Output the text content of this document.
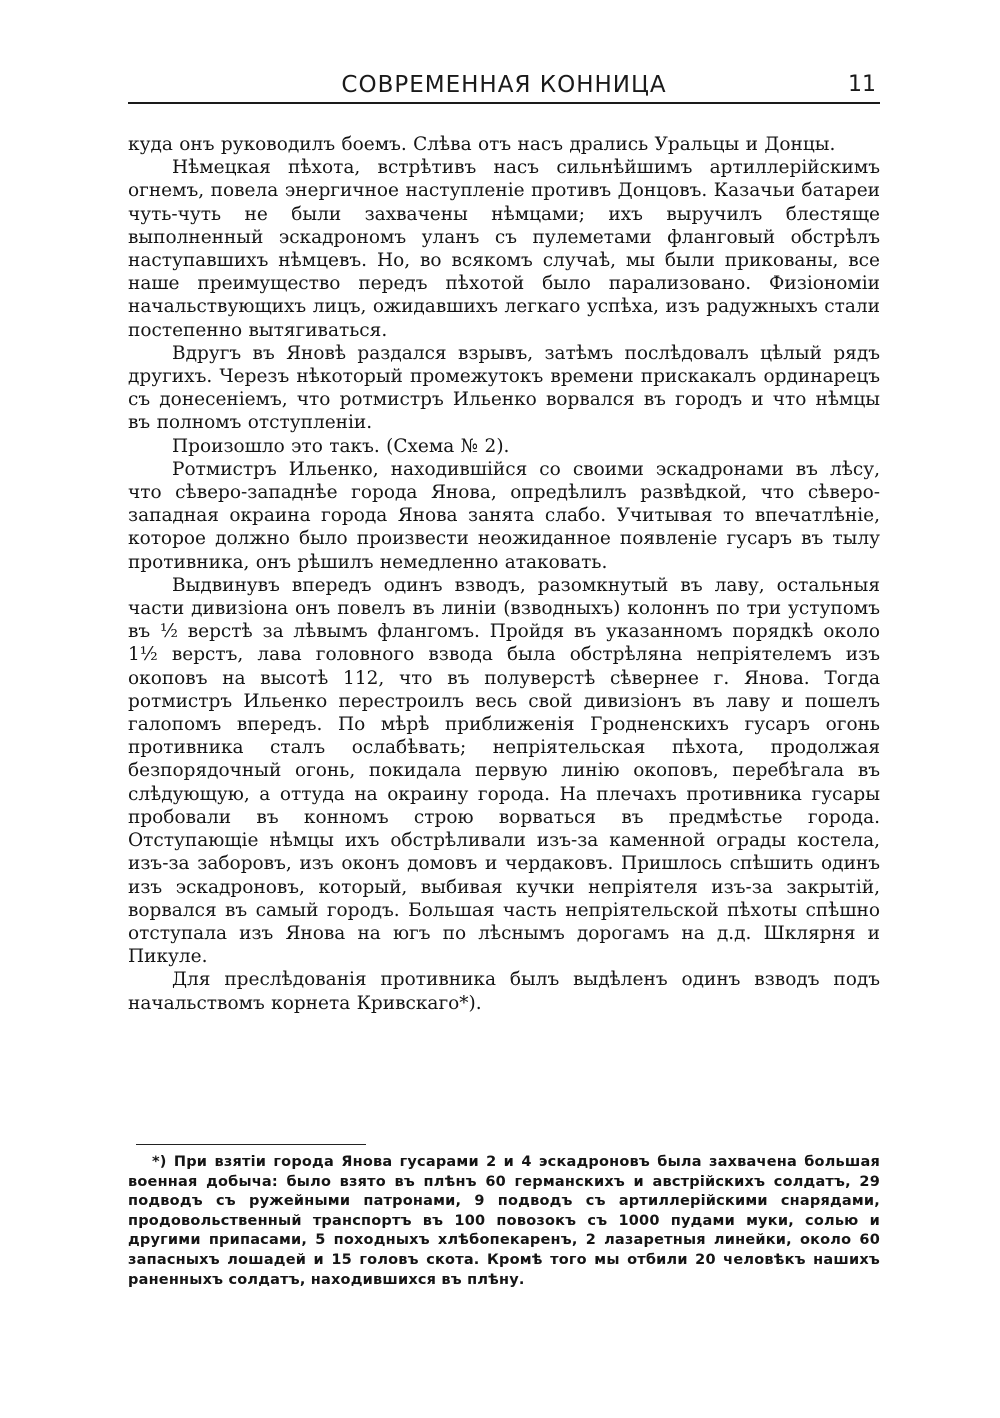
СОВРЕМЕННАЯ КОННИЦА	11

куда онъ руководилъ боемъ. Слѣва отъ насъ дрались Уральцы и Донцы.

Нѣмецкая пѣхота, встрѣтивъ насъ сильнѣйшимъ артиллерійскимъ огнемъ, повела энергичное наступленіе противъ Донцовъ. Казачьи батареи чуть-чуть не были захвачены нѣмцами; ихъ выручилъ блестяще выполненный эскадрономъ уланъ съ пулеметами фланговый обстрѣлъ наступавшихъ нѣмцевъ. Но, во всякомъ случаѣ, мы были прикованы, все наше преимущество передъ пѣхотой было парализовано. Физіономіи начальствующихъ лицъ, ожидавшихъ легкаго успѣха, изъ радужныхъ стали постепенно вытягиваться.

Вдругъ въ Яновѣ раздался взрывъ, затѣмъ послѣдовалъ цѣлый рядъ другихъ. Черезъ нѣкоторый промежутокъ времени прискакалъ ординарецъ съ донесеніемъ, что ротмистръ Ильенко ворвался въ городъ и что нѣмцы въ полномъ отступленіи.

Произошло это такъ. (Схема № 2).

Ротмистръ Ильенко, находившійся со своими эскадронами въ лѣсу, что сѣверо-западнѣе города Янова, опредѣлилъ развѣдкой, что сѣверо-западная окраина города Янова занята слабо. Учитывая то впечатлѣніе, которое должно было произвести неожиданное появленіе гусаръ въ тылу противника, онъ рѣшилъ немедленно атаковать.

Выдвинувъ впередъ одинъ взводъ, разомкнутый въ лаву, остальныя части дивизіона онъ повелъ въ линіи (взводныхъ) колоннъ по три уступомъ въ ½ верстѣ за лѣвымъ флангомъ. Пройдя въ указанномъ порядкѣ около 1½ верстъ, лава головного взвода была обстрѣляна непріятелемъ изъ окоповъ на высотѣ 112, что въ полуверстѣ сѣвернее г. Янова. Тогда ротмистръ Ильенко перестроилъ весь свой дивизіонъ въ лаву и пошелъ галопомъ впередъ. По мѣрѣ приближенія Гродненскихъ гусаръ огонь противника сталъ ослабѣвать; непріятельская пѣхота, продолжая безпорядочный огонь, покидала первую линію окоповъ, перебѣгала въ слѣдующую, а оттуда на окраину города. На плечахъ противника гусары пробовали въ конномъ строю ворваться въ предмѣстье города. Отступающіе нѣмцы ихъ обстрѣливали изъ-за каменной ограды костела, изъ-за заборовъ, изъ оконъ домовъ и чердаковъ. Пришлось спѣшить одинъ изъ эскадроновъ, который, выбивая кучки непріятеля изъ-за закрытій, ворвался въ самый городъ. Большая часть непріятельской пѣхоты спѣшно отступала изъ Янова на югъ по лѣснымъ дорогамъ на д.д. Шклярня и Пикуле.

Для преслѣдованія противника былъ выдѣленъ одинъ взводъ подъ начальствомъ корнета Кривскаго*).

*) При взятіи города Янова гусарами 2 и 4 эскадроновъ была захвачена большая военная добыча: было взято въ плѣнъ 60 германскихъ и австрійскихъ солдатъ, 29 подводъ съ ружейными патронами, 9 подводъ съ артиллерійскими снарядами, продовольственный транспортъ въ 100 повозокъ съ 1000 пудами муки, солью и другими припасами, 5 походныхъ хлѣбопекаренъ, 2 лазаретныя линейки, около 60 запасныхъ лошадей и 15 головъ скота. Кромѣ того мы отбили 20 человѣкъ нашихъ раненныхъ солдатъ, находившихся въ плѣну.
